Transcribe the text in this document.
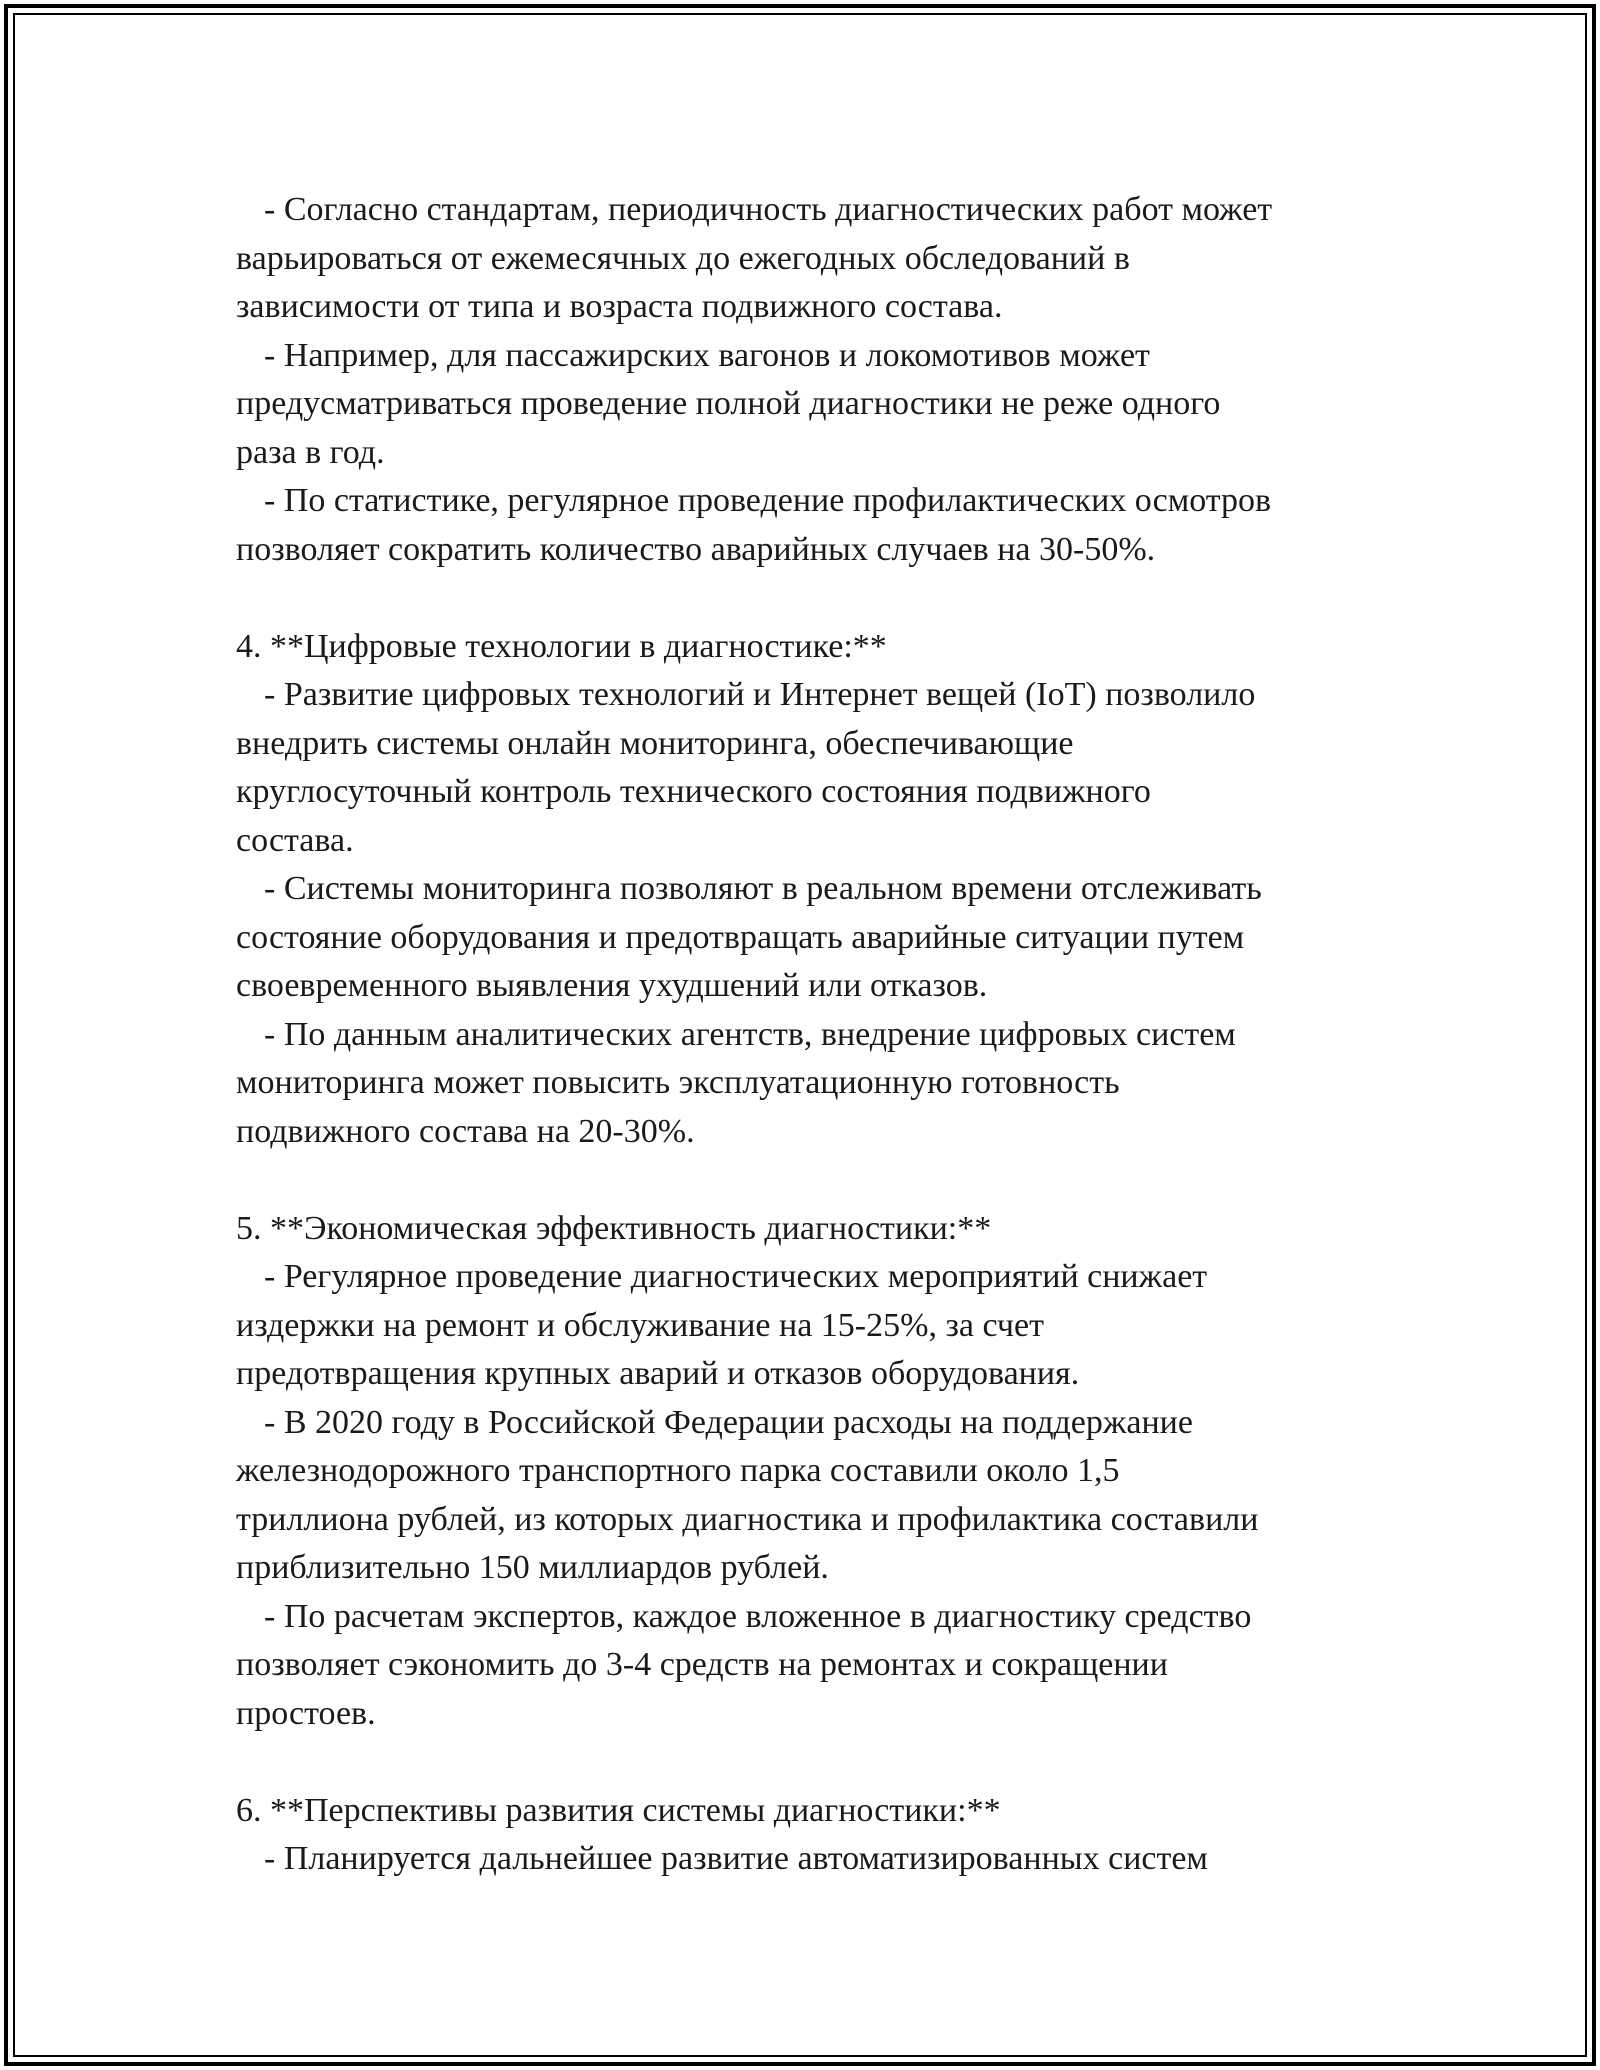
- Согласно стандартам, периодичность диагностических работ может
варьироваться от ежемесячных до ежегодных обследований в
зависимости от типа и возраста подвижного состава.
- Например, для пассажирских вагонов и локомотивов может
предусматриваться проведение полной диагностики не реже одного
раза в год.
- По статистике, регулярное проведение профилактических осмотров
позволяет сократить количество аварийных случаев на 30-50%.
4. **Цифровые технологии в диагностике:**
- Развитие цифровых технологий и Интернет вещей (IoT) позволило
внедрить системы онлайн мониторинга, обеспечивающие
круглосуточный контроль технического состояния подвижного
состава.
- Системы мониторинга позволяют в реальном времени отслеживать
состояние оборудования и предотвращать аварийные ситуации путем
своевременного выявления ухудшений или отказов.
- По данным аналитических агентств, внедрение цифровых систем
мониторинга может повысить эксплуатационную готовность
подвижного состава на 20-30%.
5. **Экономическая эффективность диагностики:**
- Регулярное проведение диагностических мероприятий снижает
издержки на ремонт и обслуживание на 15-25%, за счет
предотвращения крупных аварий и отказов оборудования.
- В 2020 году в Российской Федерации расходы на поддержание
железнодорожного транспортного парка составили около 1,5
триллиона рублей, из которых диагностика и профилактика составили
приблизительно 150 миллиардов рублей.
- По расчетам экспертов, каждое вложенное в диагностику средство
позволяет сэкономить до 3-4 средств на ремонтах и сокращении
простоев.
6. **Перспективы развития системы диагностики:**
- Планируется дальнейшее развитие автоматизированных систем
